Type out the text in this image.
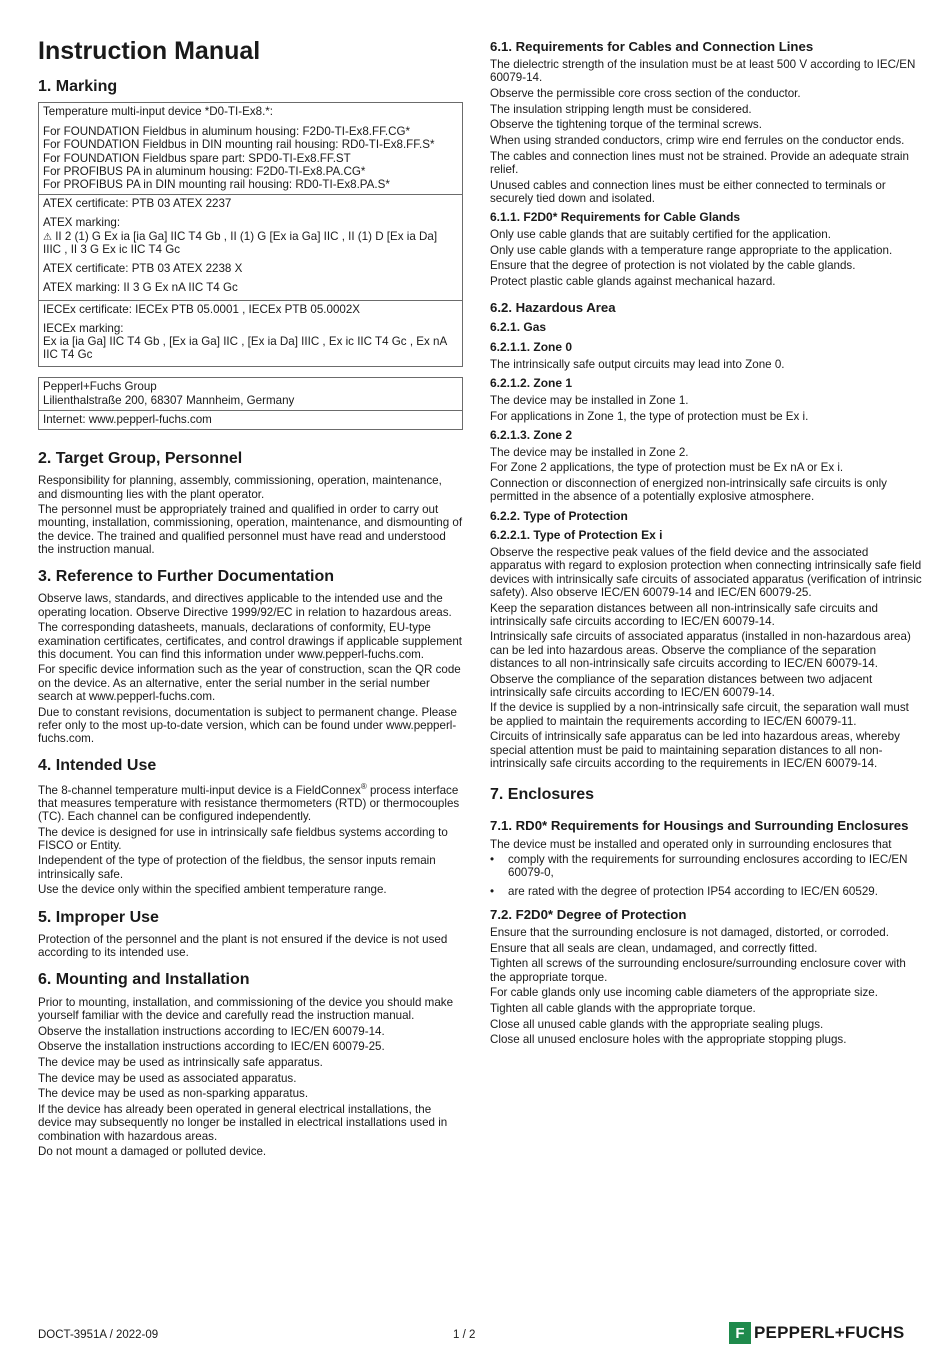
Instruction Manual
1. Marking

Temperature multi-input device *D0-TI-Ex8.*:

For FOUNDATION Fieldbus in aluminum housing: F2D0-TI-Ex8.FF.CG*

For FOUNDATION Fieldbus in DIN mounting rail housing: RD0-TI-Ex8.FF.S*

For FOUNDATION Fieldbus spare part: SPD0-TI-Ex8.FF.ST

For PROFIBUS PA in aluminum housing: F2D0-TI-Ex8.PA.CG*

For PROFIBUS PA in DIN mounting rail housing: RD0-TI-Ex8.PA.S*

ATEX certificate: PTB 03 ATEX 2237

ATEX marking:

⚠ II 2 (1) G Ex ia [ia Ga] IIC T4 Gb , II (1) G [Ex ia Ga] IIC , II (1) D [Ex ia Da] IIIC , II 3 G Ex ic IIC T4 Gc

ATEX certificate: PTB 03 ATEX 2238 X

ATEX marking: II 3 G Ex nA IIC T4 Gc

IECEx certificate: IECEx PTB 05.0001 , IECEx PTB 05.0002X

IECEx marking:

Ex ia [ia Ga] IIC T4 Gb , [Ex ia Ga] IIC , [Ex ia Da] IIIC , Ex ic IIC T4 Gc , Ex nA IIC T4 Gc

Pepperl+Fuchs Group

Lilienthalstraße 200, 68307 Mannheim, Germany

Internet: www.pepperl-fuchs.com

2. Target Group, Personnel

Responsibility for planning, assembly, commissioning, operation, maintenance, and dismounting lies with the plant operator.

The personnel must be appropriately trained and qualified in order to carry out mounting, installation, commissioning, operation, maintenance, and dismounting of the device. The trained and qualified personnel must have read and understood the instruction manual.

3. Reference to Further Documentation

Observe laws, standards, and directives applicable to the intended use and the operating location. Observe Directive 1999/92/EC in relation to hazardous areas.

The corresponding datasheets, manuals, declarations of conformity, EU-type examination certificates, certificates, and control drawings if applicable supplement this document. You can find this information under www.pepperl-fuchs.com.

For specific device information such as the year of construction, scan the QR code on the device. As an alternative, enter the serial number in the serial number search at www.pepperl-fuchs.com.

Due to constant revisions, documentation is subject to permanent change. Please refer only to the most up-to-date version, which can be found under www.pepperl-fuchs.com.

4. Intended Use

The 8-channel temperature multi-input device is a FieldConnex® process interface that measures temperature with resistance thermometers (RTD) or thermocouples (TC). Each channel can be configured independently.

The device is designed for use in intrinsically safe fieldbus systems according to FISCO or Entity.

Independent of the type of protection of the fieldbus, the sensor inputs remain intrinsically safe.

Use the device only within the specified ambient temperature range.

5. Improper Use

Protection of the personnel and the plant is not ensured if the device is not used according to its intended use.

6. Mounting and Installation

Prior to mounting, installation, and commissioning of the device you should make yourself familiar with the device and carefully read the instruction manual.

Observe the installation instructions according to IEC/EN 60079-14.

Observe the installation instructions according to IEC/EN 60079-25.

The device may be used as intrinsically safe apparatus.

The device may be used as associated apparatus.

The device may be used as non-sparking apparatus.

If the device has already been operated in general electrical installations, the device may subsequently no longer be installed in electrical installations used in combination with hazardous areas.

Do not mount a damaged or polluted device.

6.1. Requirements for Cables and Connection Lines

The dielectric strength of the insulation must be at least 500 V according to IEC/EN 60079-14.

Observe the permissible core cross section of the conductor.

The insulation stripping length must be considered.

Observe the tightening torque of the terminal screws.

When using stranded conductors, crimp wire end ferrules on the conductor ends.

The cables and connection lines must not be strained. Provide an adequate strain relief.

Unused cables and connection lines must be either connected to terminals or securely tied down and isolated.

6.1.1. F2D0* Requirements for Cable Glands

Only use cable glands that are suitably certified for the application.

Only use cable glands with a temperature range appropriate to the application.

Ensure that the degree of protection is not violated by the cable glands.

Protect plastic cable glands against mechanical hazard.

6.2. Hazardous Area
6.2.1. Gas
6.2.1.1. Zone 0

The intrinsically safe output circuits may lead into Zone 0.

6.2.1.2. Zone 1

The device may be installed in Zone 1.

For applications in Zone 1, the type of protection must be Ex i.

6.2.1.3. Zone 2

The device may be installed in Zone 2.

For Zone 2 applications, the type of protection must be Ex nA or Ex i.

Connection or disconnection of energized non-intrinsically safe circuits is only permitted in the absence of a potentially explosive atmosphere.

6.2.2. Type of Protection
6.2.2.1. Type of Protection Ex i

Observe the respective peak values of the field device and the associated apparatus with regard to explosion protection when connecting intrinsically safe field devices with intrinsically safe circuits of associated apparatus (verification of intrinsic safety). Also observe IEC/EN 60079-14 and IEC/EN 60079-25.

Keep the separation distances between all non-intrinsically safe circuits and intrinsically safe circuits according to IEC/EN 60079-14.

Intrinsically safe circuits of associated apparatus (installed in non-hazardous area) can be led into hazardous areas. Observe the compliance of the separation distances to all non-intrinsically safe circuits according to IEC/EN 60079-14.

Observe the compliance of the separation distances between two adjacent intrinsically safe circuits according to IEC/EN 60079-14.

If the device is supplied by a non-intrinsically safe circuit, the separation wall must be applied to maintain the requirements according to IEC/EN 60079-11.

Circuits of intrinsically safe apparatus can be led into hazardous areas, whereby special attention must be paid to maintaining separation distances to all non-intrinsically safe circuits according to the requirements in IEC/EN 60079-14.

7. Enclosures
7.1. RD0* Requirements for Housings and Surrounding Enclosures

The device must be installed and operated only in surrounding enclosures that

• comply with the requirements for surrounding enclosures according to IEC/EN 60079-0,
• are rated with the degree of protection IP54 according to IEC/EN 60529.
7.2. F2D0* Degree of Protection

Ensure that the surrounding enclosure is not damaged, distorted, or corroded.

Ensure that all seals are clean, undamaged, and correctly fitted.

Tighten all screws of the surrounding enclosure/surrounding enclosure cover with the appropriate torque.

For cable glands only use incoming cable diameters of the appropriate size.

Tighten all cable glands with the appropriate torque.

Close all unused cable glands with the appropriate sealing plugs.

Close all unused enclosure holes with the appropriate stopping plugs.

DOCT-3951A / 2022-09	1 / 2	F PEPPERL+FUCHS
